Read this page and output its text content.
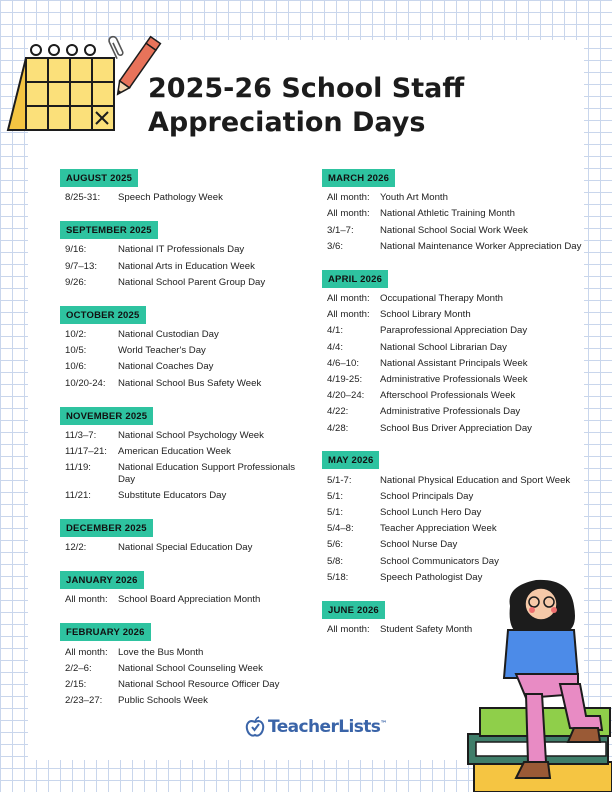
2025-26 School Staff
Appreciation Days
AUGUST 2025
8/25-31:	Speech Pathology Week
SEPTEMBER 2025
9/16:	National IT Professionals Day
9/7–13:	National Arts in Education Week
9/26:	National School Parent Group Day
OCTOBER 2025
10/2:	National Custodian Day
10/5:	World Teacher's Day
10/6:	National Coaches Day
10/20-24:	National School Bus Safety Week
NOVEMBER 2025
11/3–7:	National School Psychology Week
11/17–21:	American Education Week
11/19:	National Education Support Professionals Day
11/21:	Substitute Educators Day
DECEMBER 2025
12/2:	National Special Education Day
JANUARY 2026
All month:	School Board Appreciation Month
FEBRUARY 2026
All month:	Love the Bus Month
2/2–6:	National School Counseling Week
2/15:	National School Resource Officer Day
2/23–27:	Public Schools Week
MARCH 2026
All month:	Youth Art Month
All month:	National Athletic Training Month
3/1–7:	National School Social Work Week
3/6:	National Maintenance Worker Appreciation Day
APRIL 2026
All month:	Occupational Therapy Month
All month:	School Library Month
4/1:	Paraprofessional Appreciation Day
4/4:	National School Librarian Day
4/6–10:	National Assistant Principals Week
4/19-25:	Administrative Professionals Week
4/20–24:	Afterschool Professionals Week
4/22:	Administrative Professionals Day
4/28:	School Bus Driver Appreciation Day
MAY 2026
5/1-7:	National Physical Education and Sport Week
5/1:	School Principals Day
5/1:	School Lunch Hero Day
5/4–8:	Teacher Appreciation Week
5/6:	School Nurse Day
5/8:	School Communicators Day
5/18:	Speech Pathologist Day
JUNE 2026
All month:	Student Safety Month
TeacherLists™
